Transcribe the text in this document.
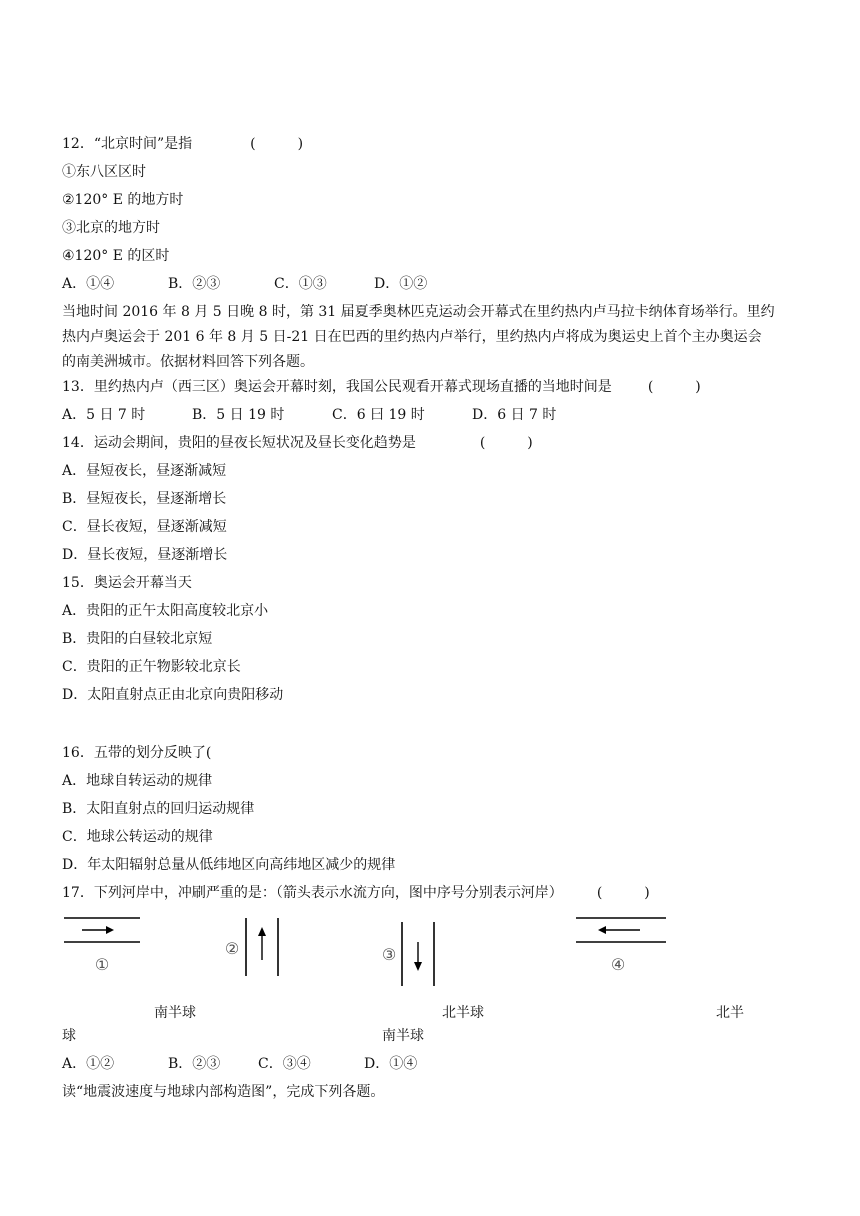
12．“北京时间”是指	(　　　)
①东八区区时
②120° E 的地方时
③北京的地方时
④120° E 的区时
A．①④	B．②③	C．①③	D．①②
当地时间 2016 年 8 月 5 日晚 8 时，第 31 届夏季奥林匹克运动会开幕式在里约热内卢马拉卡纳体育场举行。里约
热内卢奥运会于 201 6 年 8 月 5 日-21 日在巴西的里约热内卢举行，里约热内卢将成为奥运史上首个主办奥运会
的南美洲城市。依据材料回答下列各题。
13．里约热内卢（西三区）奥运会开幕时刻，我国公民观看开幕式现场直播的当地时间是	(　　　)
A．5 日 7 时	B．5 日 19 时	C．6 曰 19 时	D．6 日 7 时
14．运动会期间，贵阳的昼夜长短状况及昼长变化趋势是	(　　　)
A．昼短夜长，昼逐渐减短
B．昼短夜长，昼逐渐增长
C．昼长夜短，昼逐渐减短
D．昼长夜短，昼逐渐增长
15．奥运会开幕当天
A．贵阳的正午太阳高度较北京小
B．贵阳的白昼较北京短
C．贵阳的正午物影较北京长
D．太阳直射点正由北京向贵阳移动
16．五带的划分反映了(
A．地球自转运动的规律
B．太阳直射点的回归运动规律
C．地球公转运动的规律
D．年太阳辐射总量从低纬地区向高纬地区减少的规律
17．下列河岸中，冲刷严重的是：（箭头表示水流方向，图中序号分别表示河岸） (　　　)
①
②	③
④
南半球	北半球	北半
球	南半球
A．①②	B．②③	C．③④	D．①④
读“地震波速度与地球内部构造图”，完成下列各题。
